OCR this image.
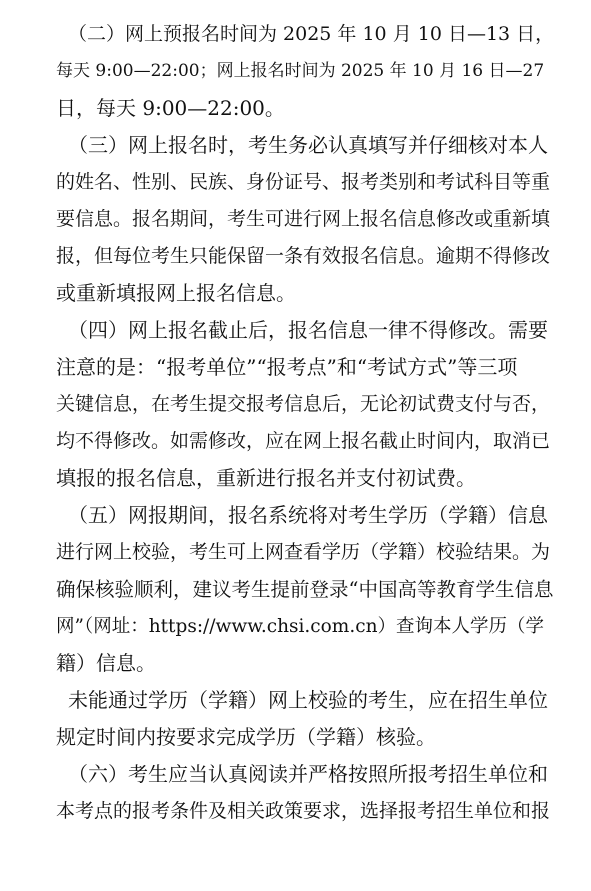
（二）网上预报名时间为 2025 年 10 月 10 日—13 日，
每天 9:00—22:00；网上报名时间为 2025 年 10 月 16 日—27
日，每天 9:00—22:00。
（三）网上报名时，考生务必认真填写并仔细核对本人
的姓名、性别、民族、身份证号、报考类别和考试科目等重
要信息。报名期间，考生可进行网上报名信息修改或重新填
报，但每位考生只能保留一条有效报名信息。逾期不得修改
或重新填报网上报名信息。
（四）网上报名截止后，报名信息一律不得修改。需要
注意的是：“报考单位”“报考点”和“考试方式”等三项
关键信息，在考生提交报考信息后，无论初试费支付与否，
均不得修改。如需修改，应在网上报名截止时间内，取消已
填报的报名信息，重新进行报名并支付初试费。
（五）网报期间，报名系统将对考生学历（学籍）信息
进行网上校验，考生可上网查看学历（学籍）校验结果。为
确保核验顺利，建议考生提前登录“中国高等教育学生信息
网”（网址：https://www.chsi.com.cn）查询本人学历（学
籍）信息。
未能通过学历（学籍）网上校验的考生，应在招生单位
规定时间内按要求完成学历（学籍）核验。
（六）考生应当认真阅读并严格按照所报考招生单位和
本考点的报考条件及相关政策要求，选择报考招生单位和报
